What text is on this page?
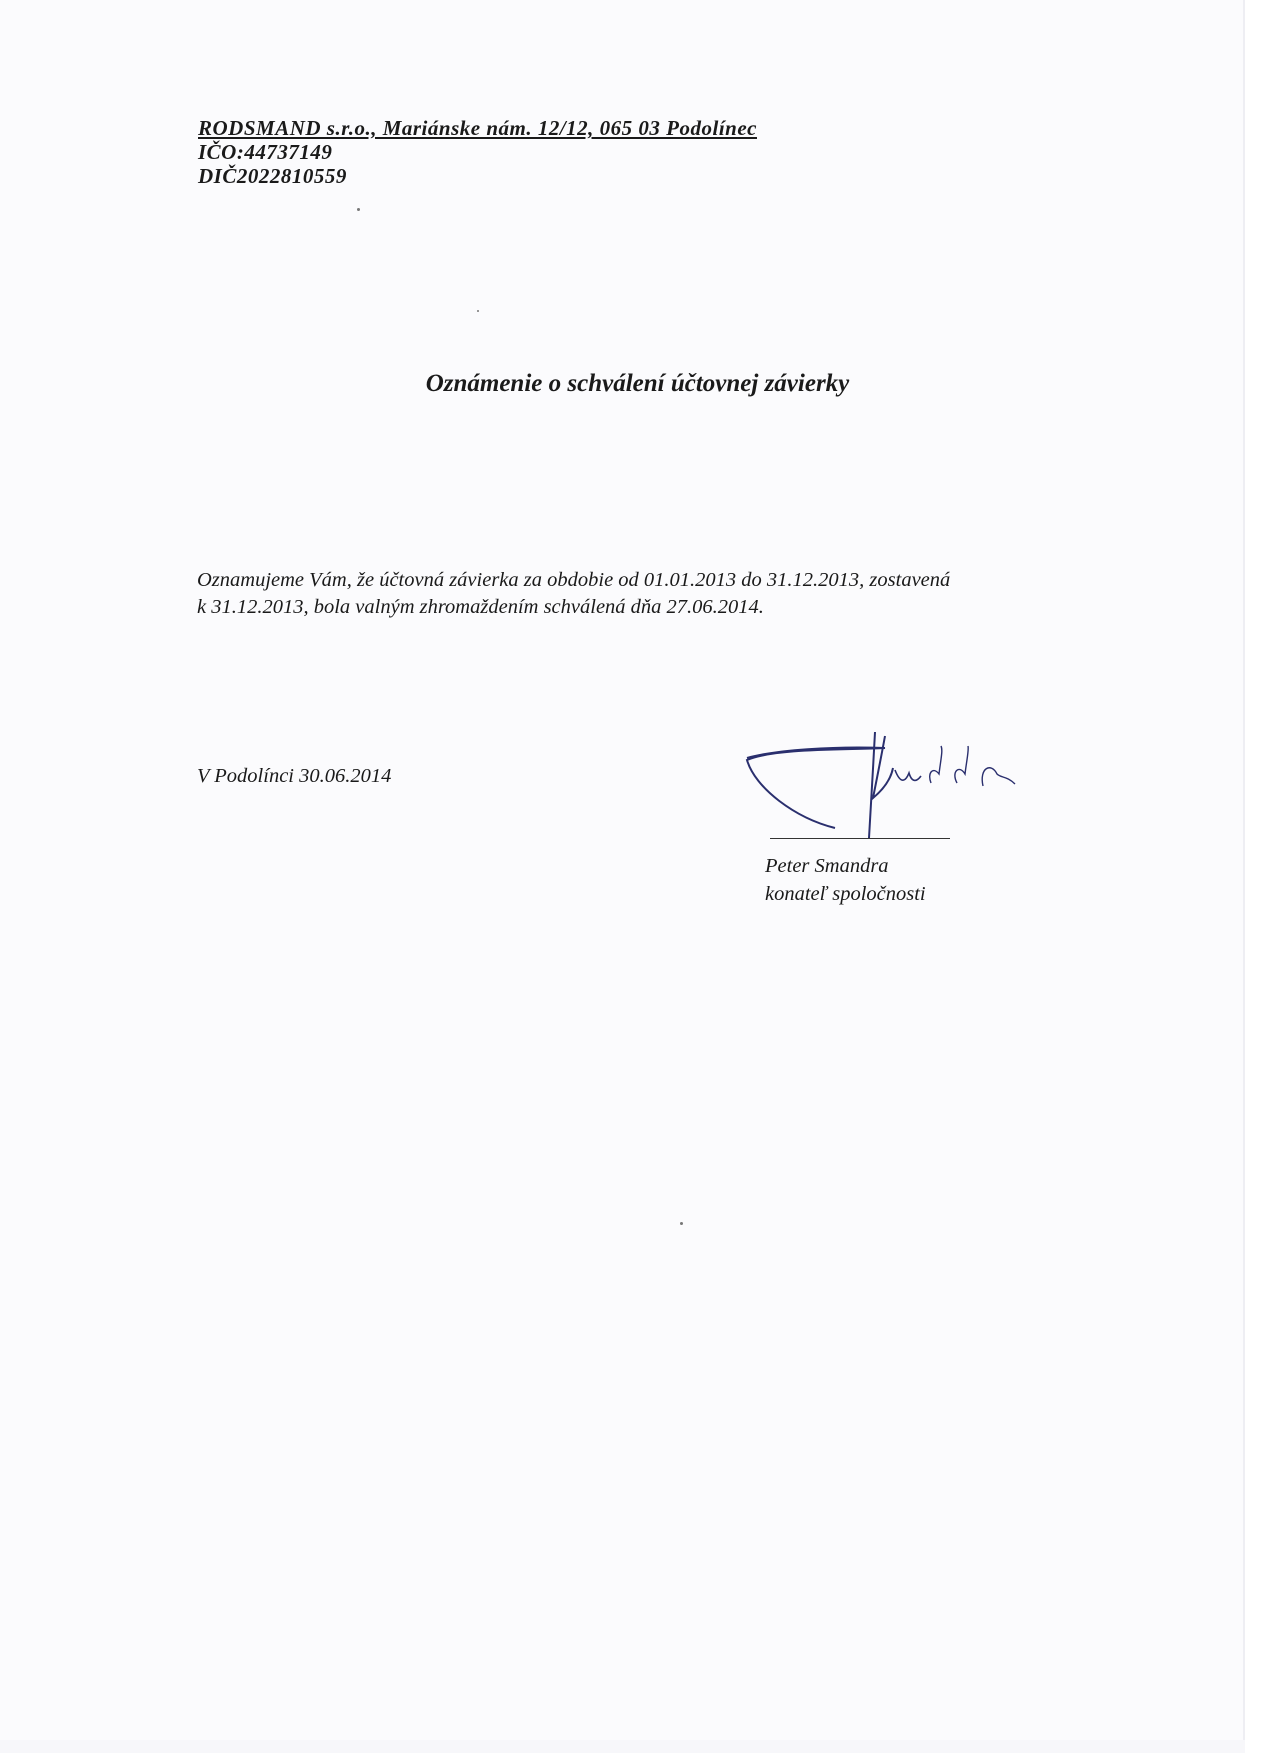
RODSMAND s.r.o., Mariánske nám. 12/12, 065 03 Podolínec
IČO:44737149
DIČ2022810559
Oznámenie o schválení účtovnej závierky
Oznamujeme Vám, že účtovná závierka za obdobie od 01.01.2013 do 31.12.2013, zostavená
k 31.12.2013, bola valným zhromaždením schválená dňa 27.06.2014.
V Podolínci 30.06.2014
Peter Smandra
konateľ spoločnosti
